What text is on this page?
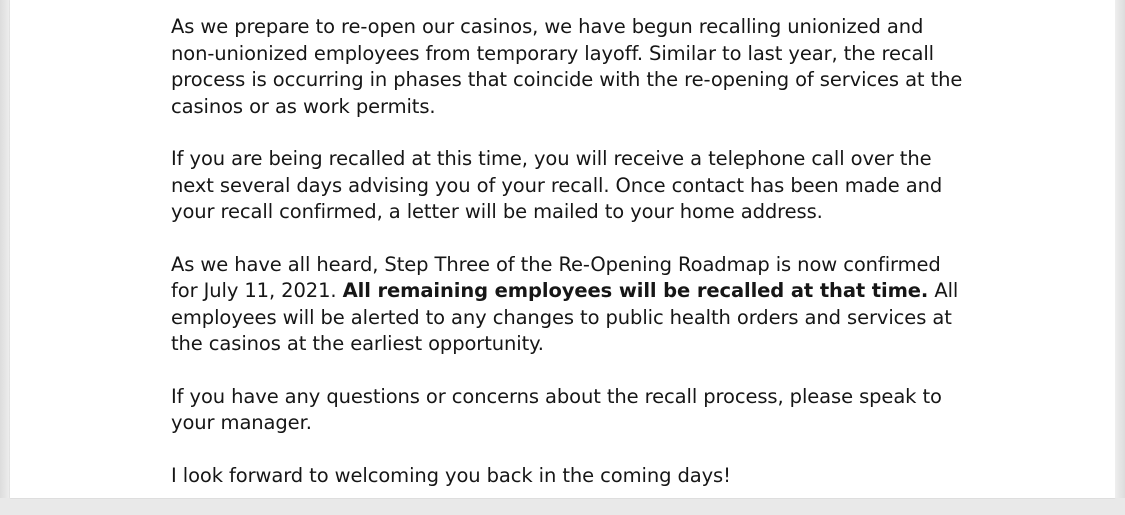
As we prepare to re-open our casinos, we have begun recalling unionized and non-unionized employees from temporary layoff. Similar to last year, the recall process is occurring in phases that coincide with the re-opening of services at the casinos or as work permits.

If you are being recalled at this time, you will receive a telephone call over the next several days advising you of your recall. Once contact has been made and your recall confirmed, a letter will be mailed to your home address.

As we have all heard, Step Three of the Re-Opening Roadmap is now confirmed for July 11, 2021. All remaining employees will be recalled at that time. All employees will be alerted to any changes to public health orders and services at the casinos at the earliest opportunity.

If you have any questions or concerns about the recall process, please speak to your manager.

I look forward to welcoming you back in the coming days!
